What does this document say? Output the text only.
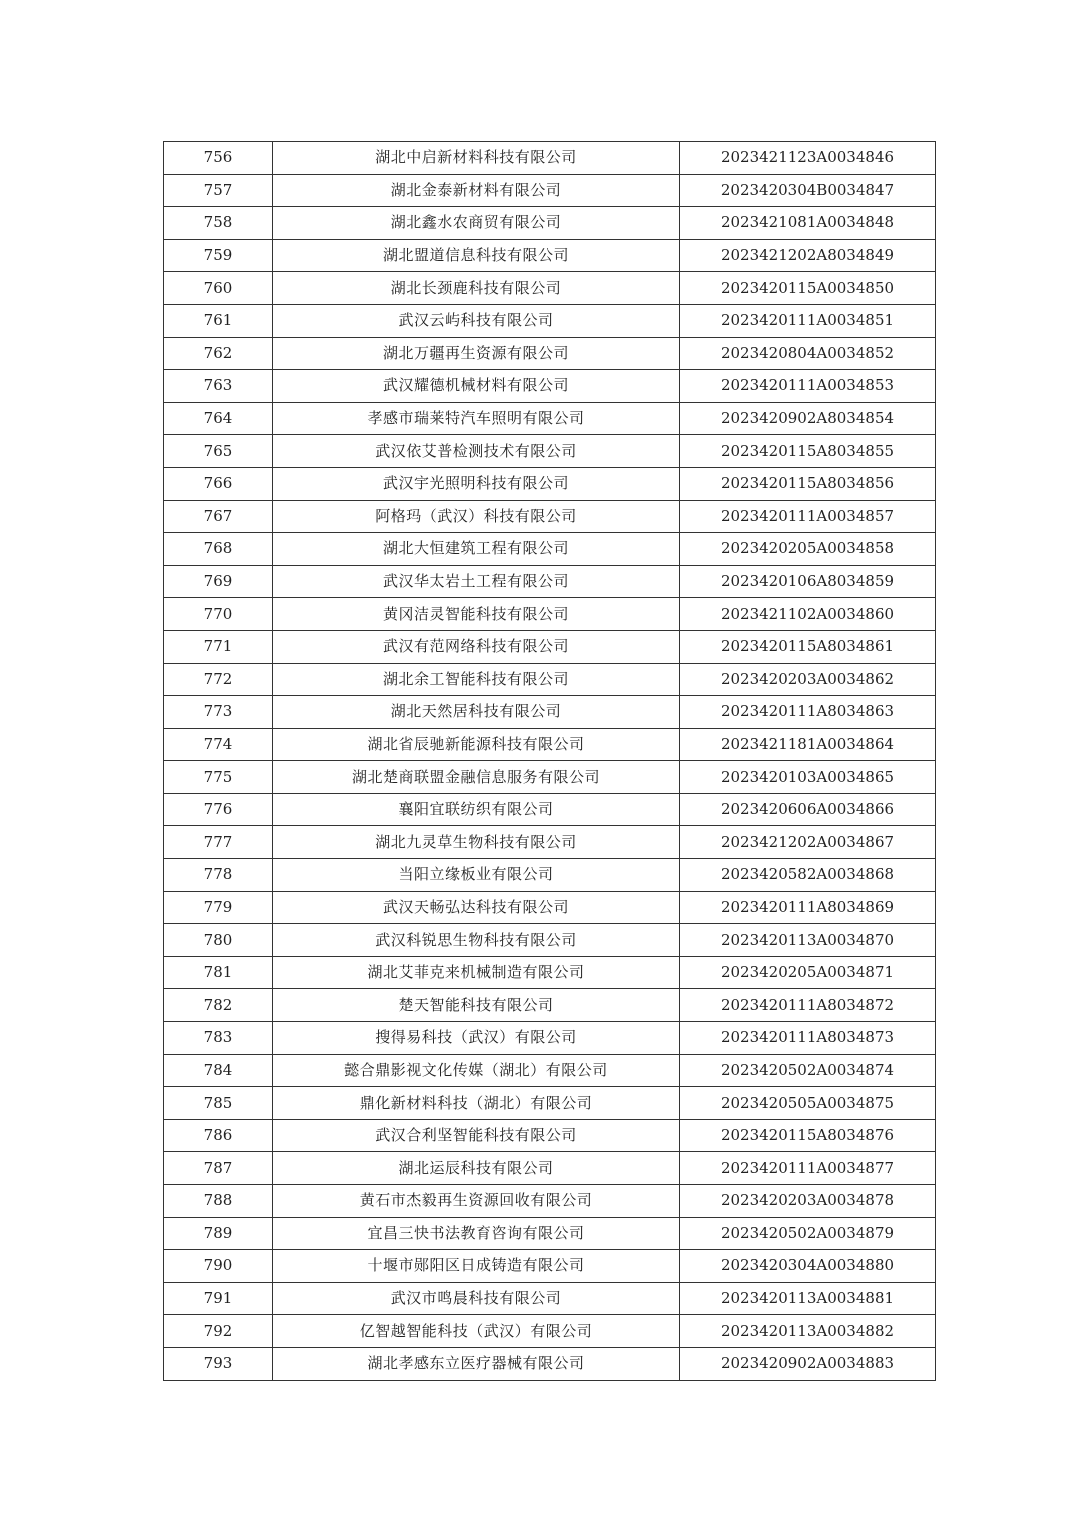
756	湖北中启新材料科技有限公司	2023421123A0034846
757	湖北金泰新材料有限公司	2023420304B0034847
758	湖北鑫水农商贸有限公司	2023421081A0034848
759	湖北盟道信息科技有限公司	2023421202A8034849
760	湖北长颈鹿科技有限公司	2023420115A0034850
761	武汉云屿科技有限公司	2023420111A0034851
762	湖北万疆再生资源有限公司	2023420804A0034852
763	武汉耀德机械材料有限公司	2023420111A0034853
764	孝感市瑞莱特汽车照明有限公司	2023420902A8034854
765	武汉依艾普检测技术有限公司	2023420115A8034855
766	武汉宇光照明科技有限公司	2023420115A8034856
767	阿格玛（武汉）科技有限公司	2023420111A0034857
768	湖北大恒建筑工程有限公司	2023420205A0034858
769	武汉华太岩土工程有限公司	2023420106A8034859
770	黄冈洁灵智能科技有限公司	2023421102A0034860
771	武汉有范网络科技有限公司	2023420115A8034861
772	湖北余工智能科技有限公司	2023420203A0034862
773	湖北天然居科技有限公司	2023420111A8034863
774	湖北省辰驰新能源科技有限公司	2023421181A0034864
775	湖北楚商联盟金融信息服务有限公司	2023420103A0034865
776	襄阳宜联纺织有限公司	2023420606A0034866
777	湖北九灵草生物科技有限公司	2023421202A0034867
778	当阳立缘板业有限公司	2023420582A0034868
779	武汉天畅弘达科技有限公司	2023420111A8034869
780	武汉科锐思生物科技有限公司	2023420113A0034870
781	湖北艾菲克来机械制造有限公司	2023420205A0034871
782	楚天智能科技有限公司	2023420111A8034872
783	搜得易科技（武汉）有限公司	2023420111A8034873
784	懿合鼎影视文化传媒（湖北）有限公司	2023420502A0034874
785	鼎化新材料科技（湖北）有限公司	2023420505A0034875
786	武汉合利坚智能科技有限公司	2023420115A8034876
787	湖北运辰科技有限公司	2023420111A0034877
788	黄石市杰毅再生资源回收有限公司	2023420203A0034878
789	宜昌三快书法教育咨询有限公司	2023420502A0034879
790	十堰市郧阳区日成铸造有限公司	2023420304A0034880
791	武汉市鸣晨科技有限公司	2023420113A0034881
792	亿智越智能科技（武汉）有限公司	2023420113A0034882
793	湖北孝感东立医疗器械有限公司	2023420902A0034883
